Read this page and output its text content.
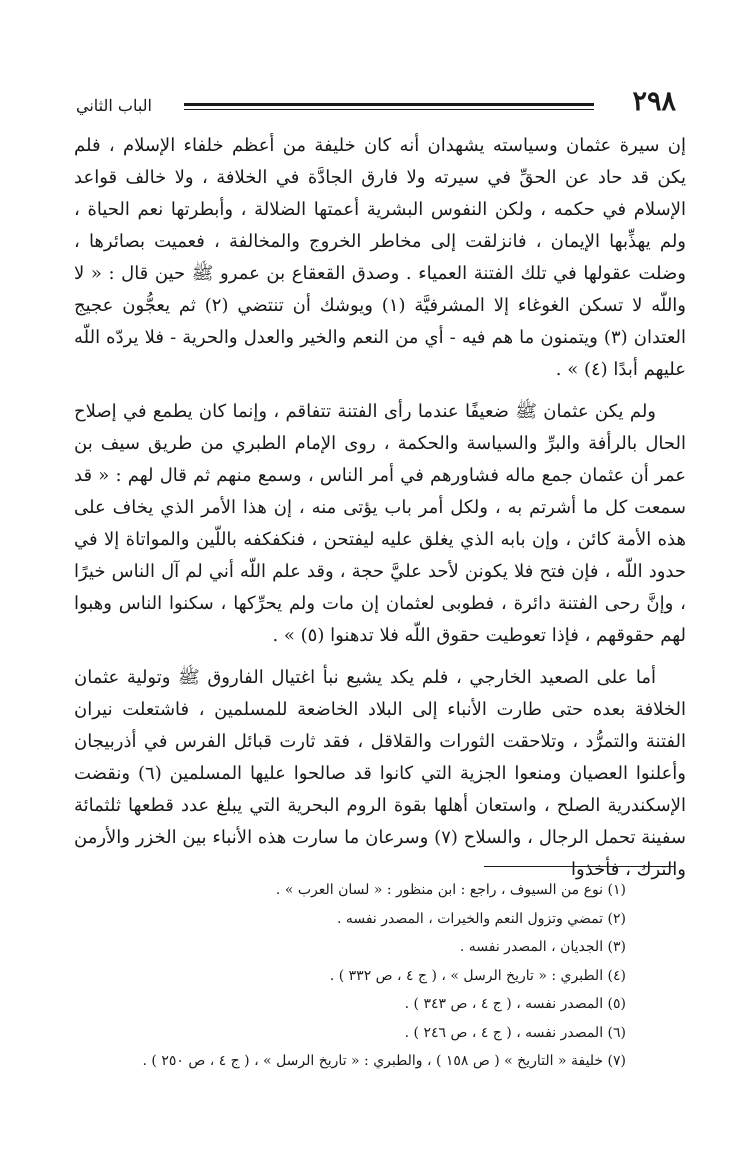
٢٩٨
الباب الثاني

إن سيرة عثمان وسياسته يشهدان أنه كان خليفة من أعظم خلفاء الإسلام ، فلم يكن قد حاد عن الحقِّ في سيرته ولا فارق الجادَّة في الخلافة ، ولا خالف قواعد الإسلام في حكمه ، ولكن النفوس البشرية أعمتها الضلالة ، وأبطرتها نعم الحياة ، ولم يهذِّبها الإيمان ، فانزلقت إلى مخاطر الخروج والمخالفة ، فعميت بصائرها ، وضلت عقولها في تلك الفتنة العمياء . وصدق القعقاع بن عمرو ﷺ حين قال : « لا واللّه لا تسكن الغوغاء إلا المشرفيَّة (١) ويوشك أن تنتضي (٢) ثم يعجُّون عجيج العتدان (٣) ويتمنون ما هم فيه - أي من النعم والخير والعدل والحرية - فلا يردّه اللّه عليهم أبدًا (٤) » .

ولم يكن عثمان ﷺ ضعيفًا عندما رأى الفتنة تتفاقم ، وإنما كان يطمع في إصلاح الحال بالرأفة والبرِّ والسياسة والحكمة ، روى الإمام الطبري من طريق سيف بن عمر أن عثمان جمع ماله فشاورهم في أمر الناس ، وسمع منهم ثم قال لهم : « قد سمعت كل ما أشرتم به ، ولكل أمر باب يؤتى منه ، إن هذا الأمر الذي يخاف على هذه الأمة كائن ، وإن بابه الذي يغلق عليه ليفتحن ، فنكفكفه باللّين والمواتاة إلا في حدود اللّه ، فإن فتح فلا يكونن لأحد عليَّ حجة ، وقد علم اللّه أني لم آل الناس خيرًا ، وإنَّ رحى الفتنة دائرة ، فطوبى لعثمان إن مات ولم يحرِّكها ، سكنوا الناس وهبوا لهم حقوقهم ، فإذا تعوطيت حقوق اللّه فلا تدهنوا (٥) » .

أما على الصعيد الخارجي ، فلم يكد يشيع نبأ اغتيال الفاروق ﷺ وتولية عثمان الخلافة بعده حتى طارت الأنباء إلى البلاد الخاضعة للمسلمين ، فاشتعلت نيران الفتنة والتمرُّد ، وتلاحقت الثورات والقلاقل ، فقد ثارت قبائل الفرس في أذربيجان وأعلنوا العصيان ومنعوا الجزية التي كانوا قد صالحوا عليها المسلمين (٦) ونقضت الإسكندرية الصلح ، واستعان أهلها بقوة الروم البحرية التي يبلغ عدد قطعها ثلثمائة سفينة تحمل الرجال ، والسلاح (٧) وسرعان ما سارت هذه الأنباء بين الخزر والأرمن والترك ، فأخذوا

(١) نوع من السيوف ، راجع : ابن منظور : « لسان العرب » .
(٢) تمضي وتزول النعم والخيرات ، المصدر نفسه .
(٣) الجديان ، المصدر نفسه .
(٤) الطبري : « تاريخ الرسل » ، ( ج ٤ ، ص ٣٣٢ ) .
(٥) المصدر نفسه ، ( ج ٤ ، ص ٣٤٣ ) .
(٦) المصدر نفسه ، ( ج ٤ ، ص ٢٤٦ ) .
(٧) خليفة « التاريخ » ( ص ١٥٨ ) ، والطبري : « تاريخ الرسل » ، ( ج ٤ ، ص ٢٥٠ ) .
